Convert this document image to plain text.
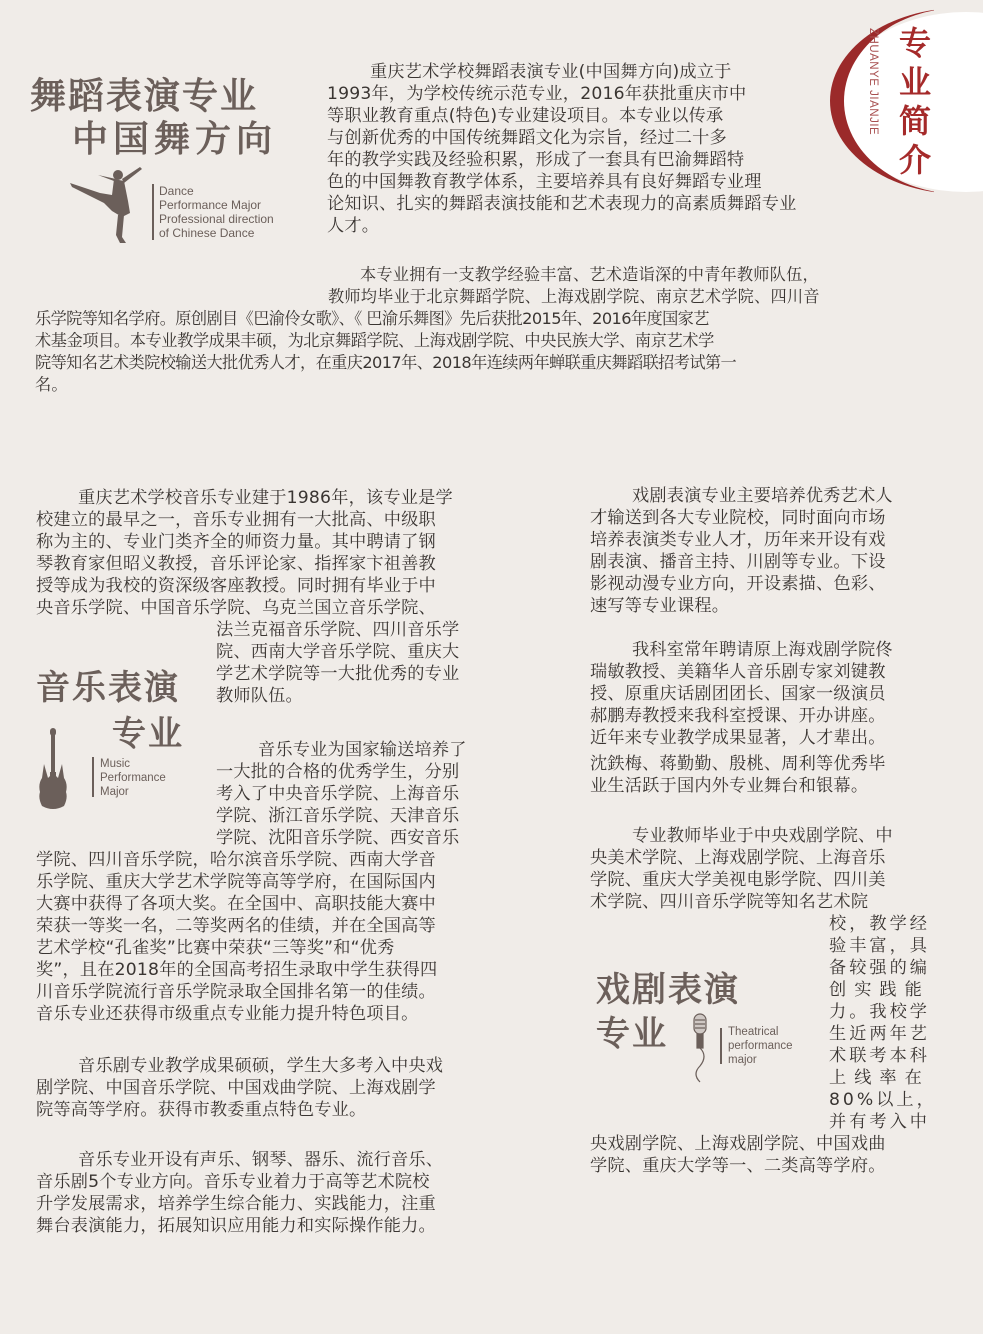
ZHUANYE JIANJIE 专
业
简
介
舞蹈表演专业
中国舞方向
Dance
Performance Major
Professional direction
of Chinese Dance
重庆艺术学校舞蹈表演专业(中国舞方向)成立于
1993年，为学校传统示范专业，2016年获批重庆市中
等职业教育重点(特色)专业建设项目。本专业以传承
与创新优秀的中国传统舞蹈文化为宗旨，经过二十多
年的教学实践及经验积累，形成了一套具有巴渝舞蹈特
色的中国舞教育教学体系，主要培养具有良好舞蹈专业理
论知识、扎实的舞蹈表演技能和艺术表现力的高素质舞蹈专业
人才。
本专业拥有一支教学经验丰富、艺术造诣深的中青年教师队伍，
教师均毕业于北京舞蹈学院、上海戏剧学院、南京艺术学院、四川音
乐学院等知名学府。原创剧目《巴渝伶女歌》、《 巴渝乐舞图》先后获批2015年、2016年度国家艺
术基金项目。本专业教学成果丰硕，为北京舞蹈学院、上海戏剧学院、中央民族大学、南京艺术学
院等知名艺术类院校输送大批优秀人才，在重庆2017年、2018年连续两年蝉联重庆舞蹈联招考试第一
名。
重庆艺术学校音乐专业建于1986年，该专业是学
校建立的最早之一，音乐专业拥有一大批高、中级职
称为主的、专业门类齐全的师资力量。其中聘请了钢
琴教育家但昭义教授，音乐评论家、指挥家卞祖善教
授等成为我校的资深级客座教授。同时拥有毕业于中
央音乐学院、中国音乐学院、乌克兰国立音乐学院、
法兰克福音乐学院、四川音乐学
院、西南大学音乐学院、重庆大
学艺术学院等一大批优秀的专业
教师队伍。
音乐表演
专业
Music
Performance
Major
音乐专业为国家输送培养了
一大批的合格的优秀学生，分别
考入了中央音乐学院、上海音乐
学院、浙江音乐学院、天津音乐
学院、沈阳音乐学院、西安音乐
学院、四川音乐学院，哈尔滨音乐学院、西南大学音
乐学院、重庆大学艺术学院等高等学府，在国际国内
大赛中获得了各项大奖。在全国中、高职技能大赛中
荣获一等奖一名，二等奖两名的佳绩，并在全国高等
艺术学校“孔雀奖”比赛中荣获“三等奖”和“优秀
奖”，且在2018年的全国高考招生录取中学生获得四
川音乐学院流行音乐学院录取全国排名第一的佳绩。
音乐专业还获得市级重点专业能力提升特色项目。
音乐剧专业教学成果硕硕，学生大多考入中央戏
剧学院、中国音乐学院、中国戏曲学院、上海戏剧学
院等高等学府。获得市教委重点特色专业。
音乐专业开设有声乐、钢琴、器乐、流行音乐、
音乐剧5个专业方向。音乐专业着力于高等艺术院校
升学发展需求，培养学生综合能力、实践能力，注重
舞台表演能力，拓展知识应用能力和实际操作能力。
戏剧表演专业主要培养优秀艺术人
才输送到各大专业院校，同时面向市场
培养表演类专业人才，历年来开设有戏
剧表演、播音主持、川剧等专业。下设
影视动漫专业方向，开设素描、色彩、
速写等专业课程。
我科室常年聘请原上海戏剧学院佟
瑞敏教授、美籍华人音乐剧专家刘键教
授、原重庆话剧团团长、国家一级演员
郝鹏寿教授来我科室授课、开办讲座。
近年来专业教学成果显著，人才辈出。
沈鉄梅、蒋勤勤、殷桃、周利等优秀毕
业生活跃于国内外专业舞台和银幕。
专业教师毕业于中央戏剧学院、中
央美术学院、上海戏剧学院、上海音乐
学院、重庆大学美视电影学院、四川美
术学院、四川音乐学院等知名艺术院
校，教学经
验丰富，具
备较强的编
创实践能
力。我校学
生近两年艺
术联考本科
上线率在
80%以上，
并有考入中
央戏剧学院、上海戏剧学院、中国戏曲
学院、重庆大学等一、二类高等学府。
戏剧表演
专业	Theatrical
performance
major
